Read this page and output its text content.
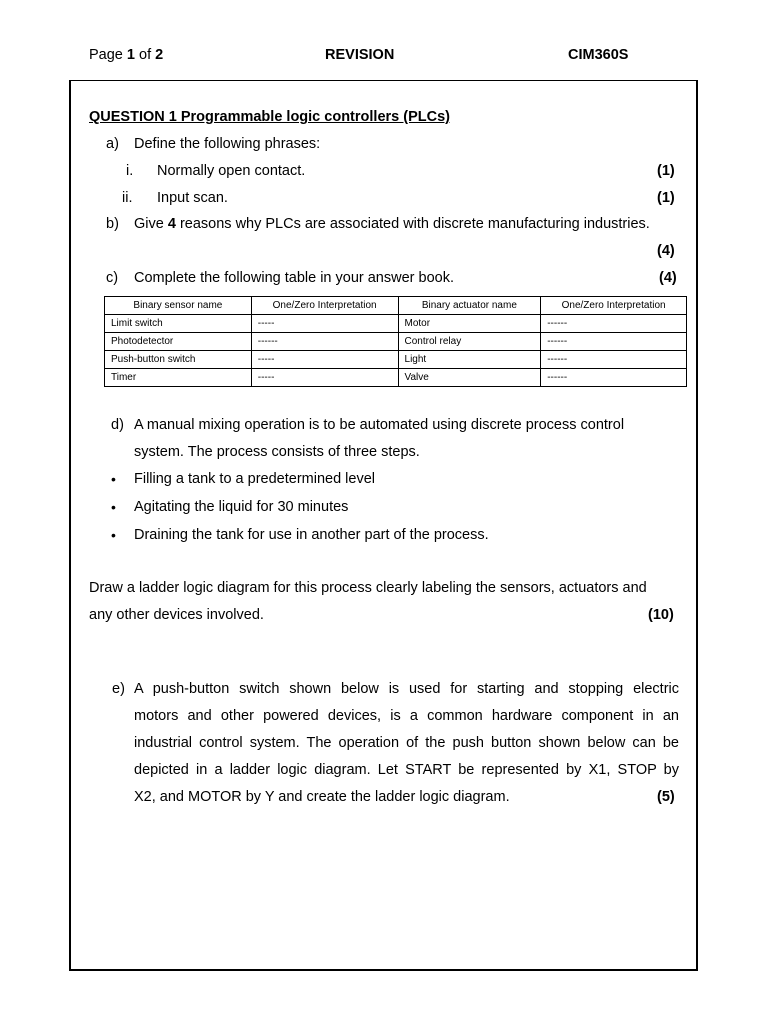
Page 1 of 2	REVISION	CIM360S
QUESTION 1 Programmable logic controllers (PLCs)
a) Define the following phrases:
i. Normally open contact.	(1)
ii. Input scan.	(1)
b) Give 4 reasons why PLCs are associated with discrete manufacturing industries.
(4)
c) Complete the following table in your answer book.	(4)
Binary sensor name	One/Zero Interpretation	Binary actuator name	One/Zero Interpretation
Limit switch	-----	Motor	------
Photodetector	------	Control relay	------
Push-button switch	-----	Light	------
Timer	-----	Valve	------
d) A manual mixing operation is to be automated using discrete process control
system. The process consists of three steps.
• Filling a tank to a predetermined level
• Agitating the liquid for 30 minutes
• Draining the tank for use in another part of the process.
Draw a ladder logic diagram for this process clearly labeling the sensors, actuators and
any other devices involved.	(10)
e) A push-button switch shown below is used for starting and stopping electric
motors and other powered devices, is a common hardware component in an
industrial control system. The operation of the push button shown below can be
depicted in a ladder logic diagram. Let START be represented by X1, STOP by
X2, and MOTOR by Y and create the ladder logic diagram.	(5)
